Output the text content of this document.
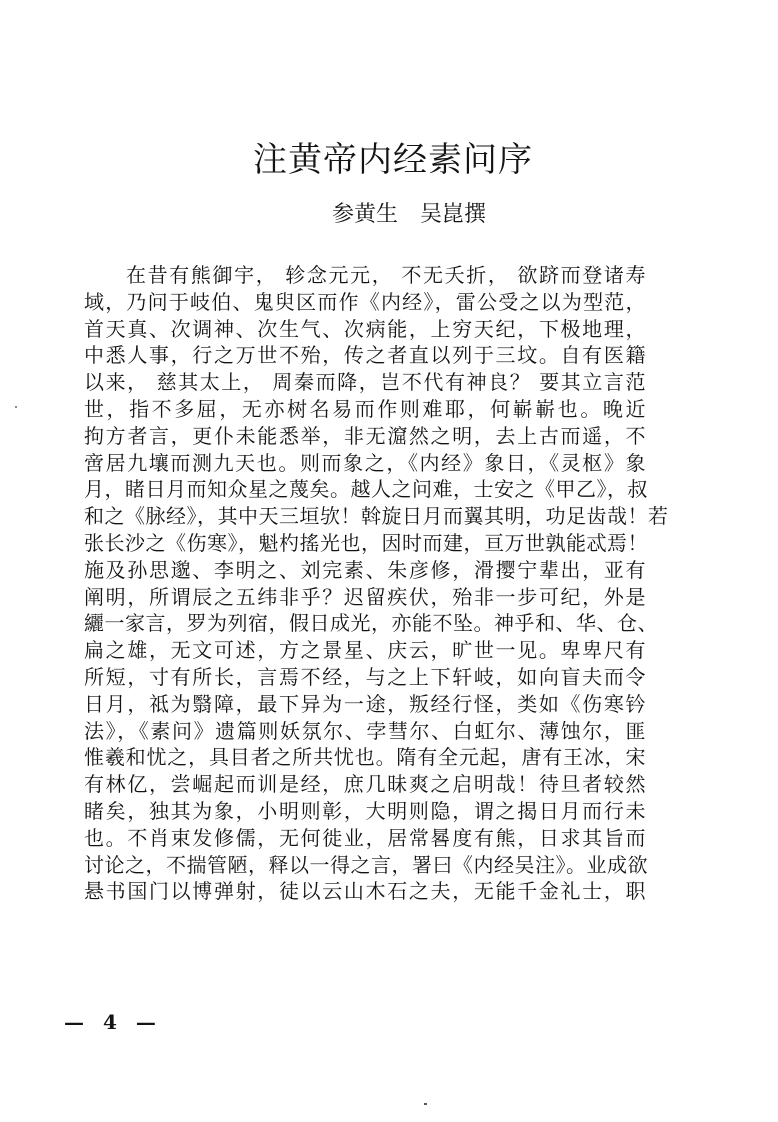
注黄帝内经素问序
参黄生 吴崑撰
在昔有熊御宇， 轸念元元， 不无夭折， 欲跻而登诸寿
域，乃问于岐伯、鬼臾区而作《内经》，雷公受之以为型范，
首天真、次调神、次生气、次病能，上穷天纪，下极地理，
中悉人事，行之万世不殆，传之者直以列于三坟。自有医籍
以来， 慈其太上， 周秦而降，岂不代有神良？ 要其立言范
世，指不多屈，无亦树名易而作则难耶，何嶄嶄也。晚近
拘方者言，更仆未能悉举，非无㵠然之明，去上古而遥，不
啻居九壤而测九天也。则而象之，《内经》象日，《灵枢》象
月，睹日月而知众星之蔑矣。越人之问难，士安之《甲乙》，叔
和之《脉经》，其中天三垣欤！斡旋日月而翼其明，功足齿哉！若
张长沙之《伤寒》，魁杓搖光也，因时而建，亘万世孰能忒焉！
施及孙思邈、李明之、刘完素、朱彦修，滑撄宁辈出，亚有
阐明，所谓辰之五纬非乎？迟留疾伏，殆非一步可纪，外是
纚一家言，罗为列宿，假日成光，亦能不坠。神乎和、华、仓、
扁之雄，无文可述，方之景星、庆云，旷世一见。卑卑尺有
所短，寸有所长，言焉不经，与之上下轩岐，如向盲夫而令
日月，祗为翳障，最下异为一途，叛经行怪，类如《伤寒钤
法》，《素问》遗篇则妖氛尔、孛彗尔、白虹尔、薄蚀尔，匪
惟羲和忧之，具目者之所共忧也。隋有全元起，唐有王冰，宋
有林亿，尝崛起而训是经，庶几昧爽之启明哉！待旦者较然
睹矣，独其为象，小明则彰，大明则隐，谓之揭日月而行未
也。不肖束发修儒，无何徙业，居常晷度有熊，日求其旨而
讨论之，不揣管陋，释以一得之言，署曰《内经吴注》。业成欲
悬书国门以博弹射，徒以云山木石之夫，无能千金礼士，职
— 4 —
